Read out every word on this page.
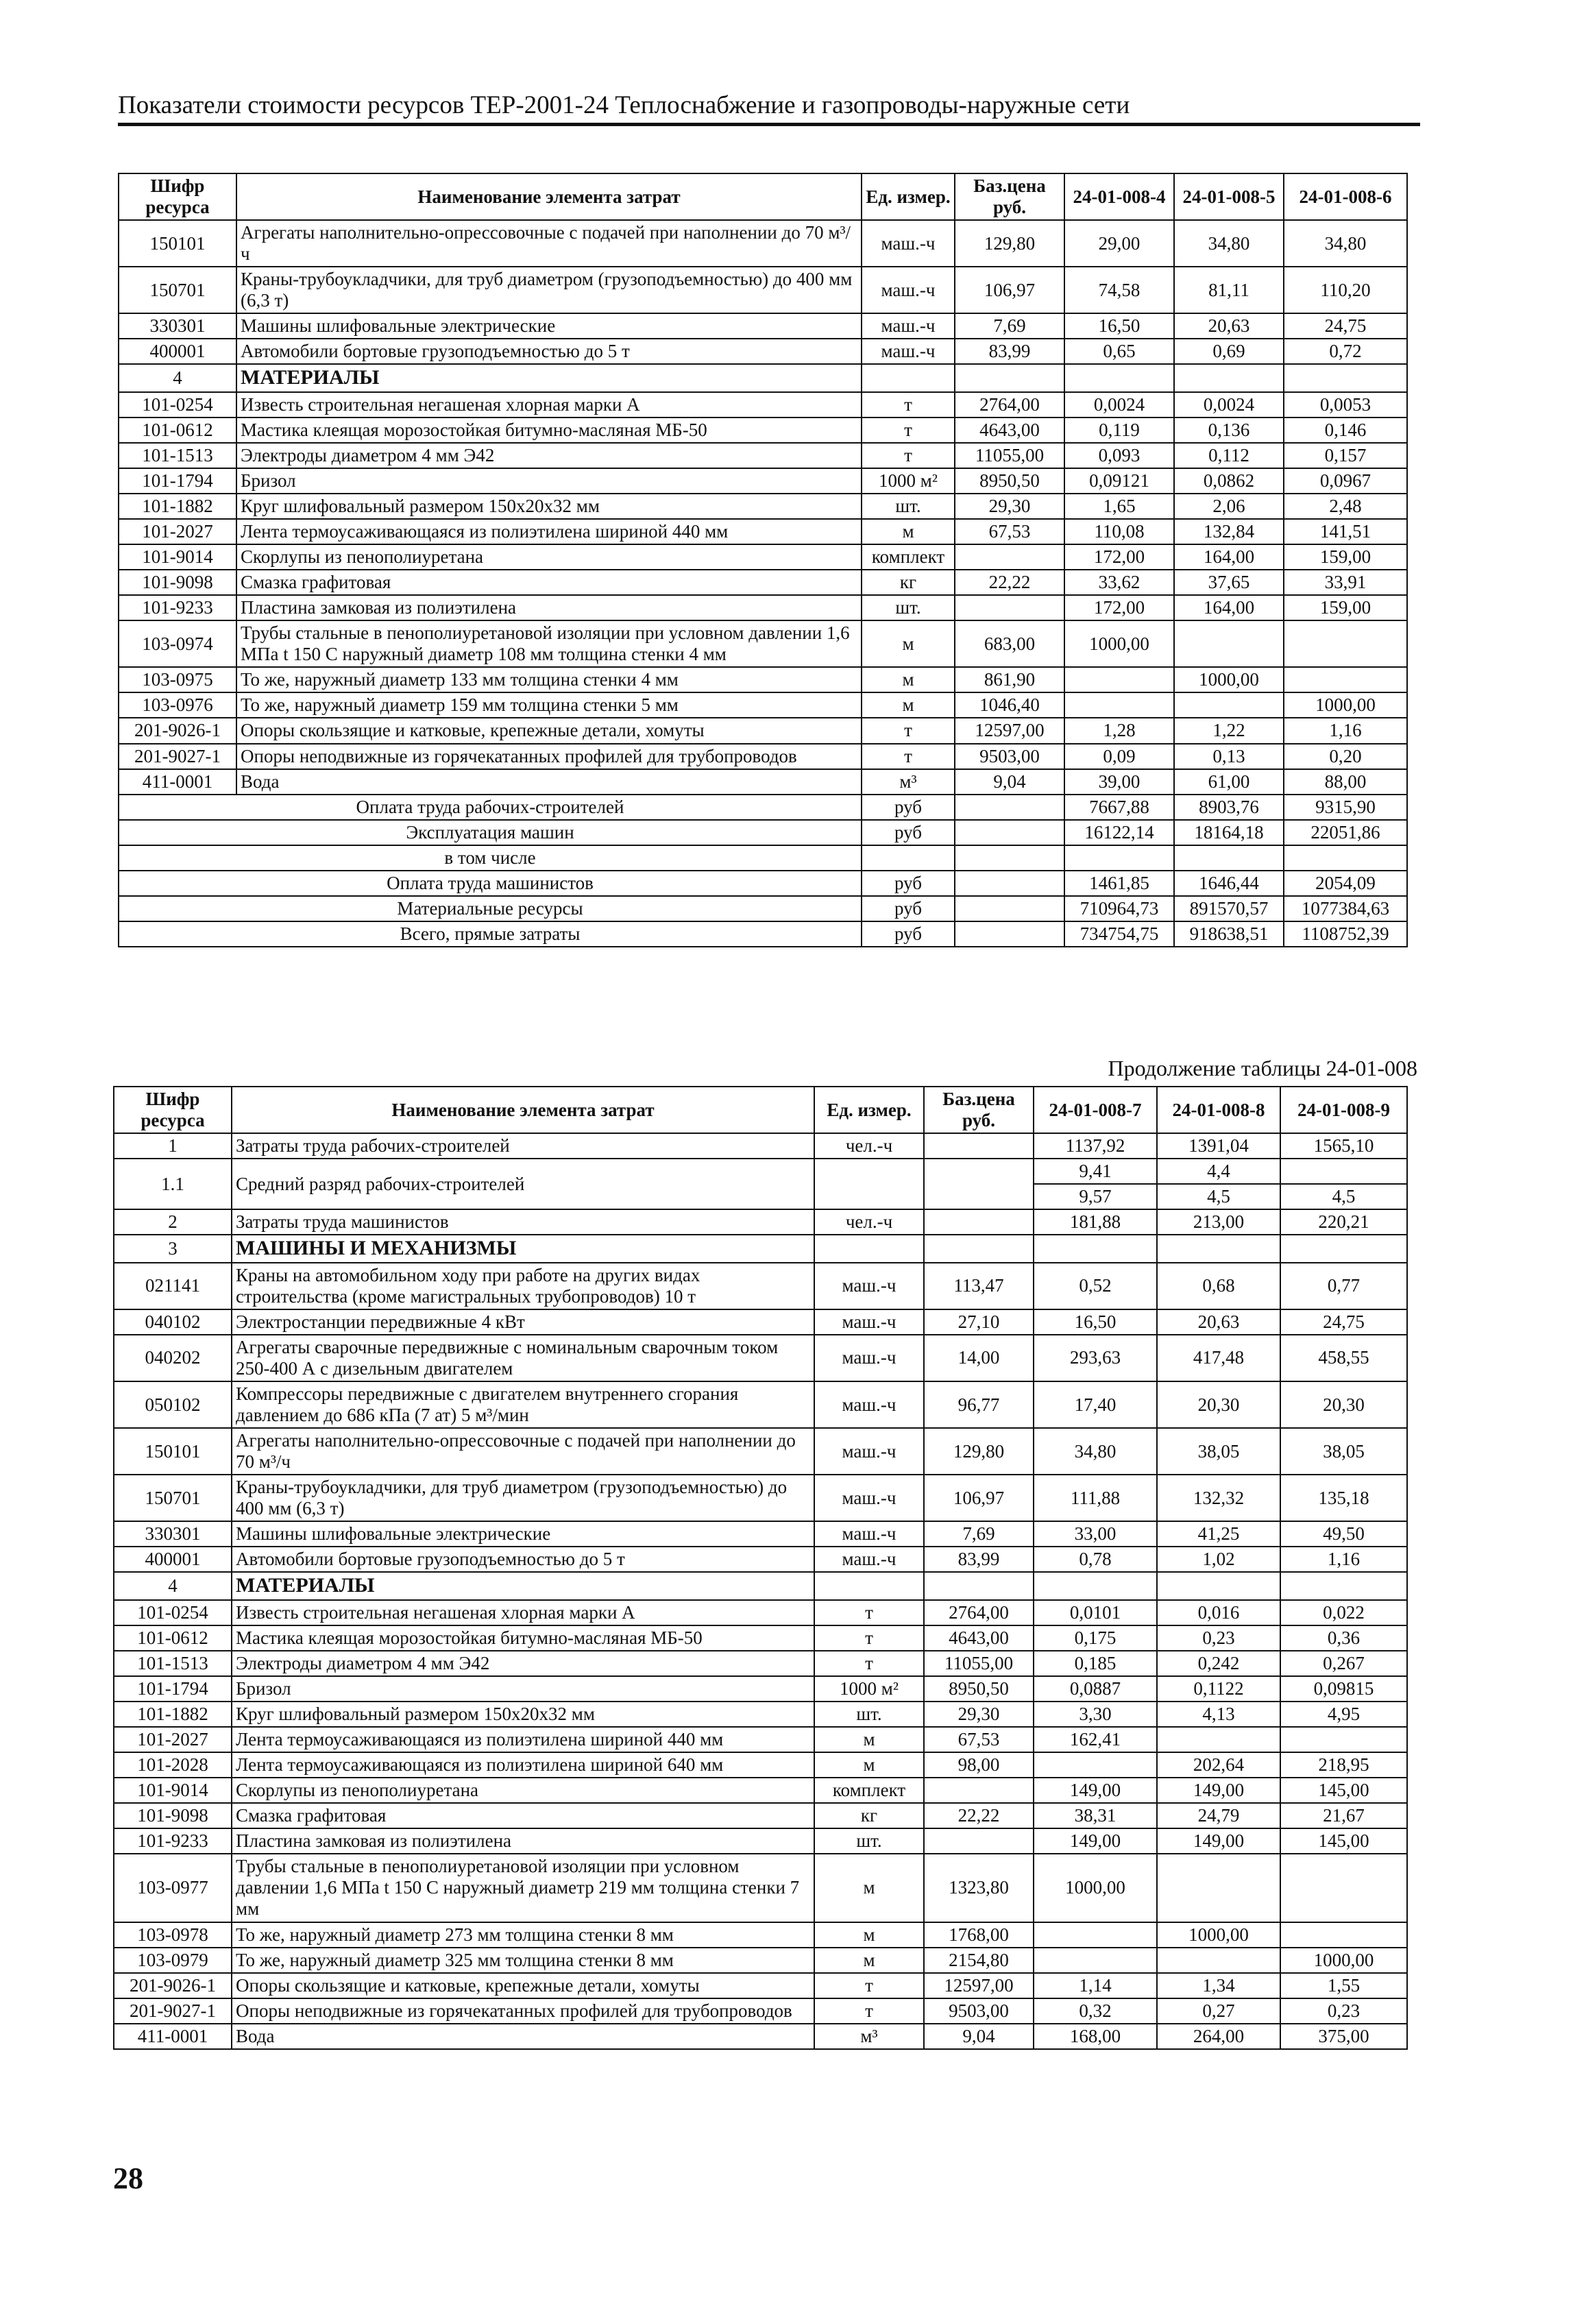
Показатели стоимости ресурсов ТЕР-2001-24 Теплоснабжение и газопроводы-наружные сети
Шифр ресурса	Наименование элемента затрат	Ед. измер.	Баз.цена руб.	24-01-008-4	24-01-008-5	24-01-008-6
150101	Агрегаты наполнительно-опрессовочные с подачей при наполнении до 70 м³/ч	маш.-ч	129,80	29,00	34,80	34,80
150701	Краны-трубоукладчики, для труб диаметром (грузоподъемностью) до 400 мм (6,3 т)	маш.-ч	106,97	74,58	81,11	110,20
330301	Машины шлифовальные электрические	маш.-ч	7,69	16,50	20,63	24,75
400001	Автомобили бортовые грузоподъемностью до 5 т	маш.-ч	83,99	0,65	0,69	0,72
4	МАТЕРИАЛЫ					
101-0254	Известь строительная негашеная хлорная марки А	т	2764,00	0,0024	0,0024	0,0053
101-0612	Мастика клеящая морозостойкая битумно-масляная МБ-50	т	4643,00	0,119	0,136	0,146
101-1513	Электроды диаметром 4 мм Э42	т	11055,00	0,093	0,112	0,157
101-1794	Бризол	1000 м²	8950,50	0,09121	0,0862	0,0967
101-1882	Круг шлифовальный размером 150x20x32 мм	шт.	29,30	1,65	2,06	2,48
101-2027	Лента термоусаживающаяся из полиэтилена шириной 440 мм	м	67,53	110,08	132,84	141,51
101-9014	Скорлупы из пенополиуретана	комплект		172,00	164,00	159,00
101-9098	Смазка графитовая	кг	22,22	33,62	37,65	33,91
101-9233	Пластина замковая из полиэтилена	шт.		172,00	164,00	159,00
103-0974	Трубы стальные в пенополиуретановой изоляции при условном давлении 1,6 МПа t 150 С наружный диаметр 108 мм толщина стенки 4 мм	м	683,00	1000,00		
103-0975	То же, наружный диаметр 133 мм толщина стенки 4 мм	м	861,90		1000,00	
103-0976	То же, наружный диаметр 159 мм толщина стенки 5 мм	м	1046,40			1000,00
201-9026-1	Опоры скользящие и катковые, крепежные детали, хомуты	т	12597,00	1,28	1,22	1,16
201-9027-1	Опоры неподвижные из горячекатанных профилей для трубопроводов	т	9503,00	0,09	0,13	0,20
411-0001	Вода	м³	9,04	39,00	61,00	88,00
Оплата труда рабочих-строителей		руб		7667,88	8903,76	9315,90
Эксплуатация машин		руб		16122,14	18164,18	22051,86
в том числе						
Оплата труда машинистов		руб		1461,85	1646,44	2054,09
Материальные ресурсы		руб		710964,73	891570,57	1077384,63
Всего, прямые затраты		руб		734754,75	918638,51	1108752,39
Продолжение таблицы 24-01-008
Шифр ресурса	Наименование элемента затрат	Ед. измер.	Баз.цена руб.	24-01-008-7	24-01-008-8	24-01-008-9
1	Затраты труда рабочих-строителей	чел.-ч		1137,92	1391,04	1565,10
1.1	Средний разряд рабочих-строителей			9,41	4,4	
				9,57	4,5	4,5
2	Затраты труда машинистов	чел.-ч		181,88	213,00	220,21
3	МАШИНЫ И МЕХАНИЗМЫ					
021141	Краны на автомобильном ходу при работе на других видах строительства (кроме магистральных трубопроводов) 10 т	маш.-ч	113,47	0,52	0,68	0,77
040102	Электростанции передвижные 4 кВт	маш.-ч	27,10	16,50	20,63	24,75
040202	Агрегаты сварочные передвижные с номинальным сварочным током 250-400 А с дизельным двигателем	маш.-ч	14,00	293,63	417,48	458,55
050102	Компрессоры передвижные с двигателем внутреннего сгорания давлением до 686 кПа (7 ат) 5 м³/мин	маш.-ч	96,77	17,40	20,30	20,30
150101	Агрегаты наполнительно-опрессовочные с подачей при наполнении до 70 м³/ч	маш.-ч	129,80	34,80	38,05	38,05
150701	Краны-трубоукладчики, для труб диаметром (грузоподъемностью) до 400 мм (6,3 т)	маш.-ч	106,97	111,88	132,32	135,18
330301	Машины шлифовальные электрические	маш.-ч	7,69	33,00	41,25	49,50
400001	Автомобили бортовые грузоподъемностью до 5 т	маш.-ч	83,99	0,78	1,02	1,16
4	МАТЕРИАЛЫ					
101-0254	Известь строительная негашеная хлорная марки А	т	2764,00	0,0101	0,016	0,022
101-0612	Мастика клеящая морозостойкая битумно-масляная МБ-50	т	4643,00	0,175	0,23	0,36
101-1513	Электроды диаметром 4 мм Э42	т	11055,00	0,185	0,242	0,267
101-1794	Бризол	1000 м²	8950,50	0,0887	0,1122	0,09815
101-1882	Круг шлифовальный размером 150x20x32 мм	шт.	29,30	3,30	4,13	4,95
101-2027	Лента термоусаживающаяся из полиэтилена шириной 440 мм	м	67,53	162,41		
101-2028	Лента термоусаживающаяся из полиэтилена шириной 640 мм	м	98,00		202,64	218,95
101-9014	Скорлупы из пенополиуретана	комплект		149,00	149,00	145,00
101-9098	Смазка графитовая	кг	22,22	38,31	24,79	21,67
101-9233	Пластина замковая из полиэтилена	шт.		149,00	149,00	145,00
103-0977	Трубы стальные в пенополиуретановой изоляции при условном давлении 1,6 МПа t 150 С наружный диаметр 219 мм толщина стенки 7 мм	м	1323,80	1000,00		
103-0978	То же, наружный диаметр 273 мм толщина стенки 8 мм	м	1768,00		1000,00	
103-0979	То же, наружный диаметр 325 мм толщина стенки 8 мм	м	2154,80			1000,00
201-9026-1	Опоры скользящие и катковые, крепежные детали, хомуты	т	12597,00	1,14	1,34	1,55
201-9027-1	Опоры неподвижные из горячекатанных профилей для трубопроводов	т	9503,00	0,32	0,27	0,23
411-0001	Вода	м³	9,04	168,00	264,00	375,00
28
